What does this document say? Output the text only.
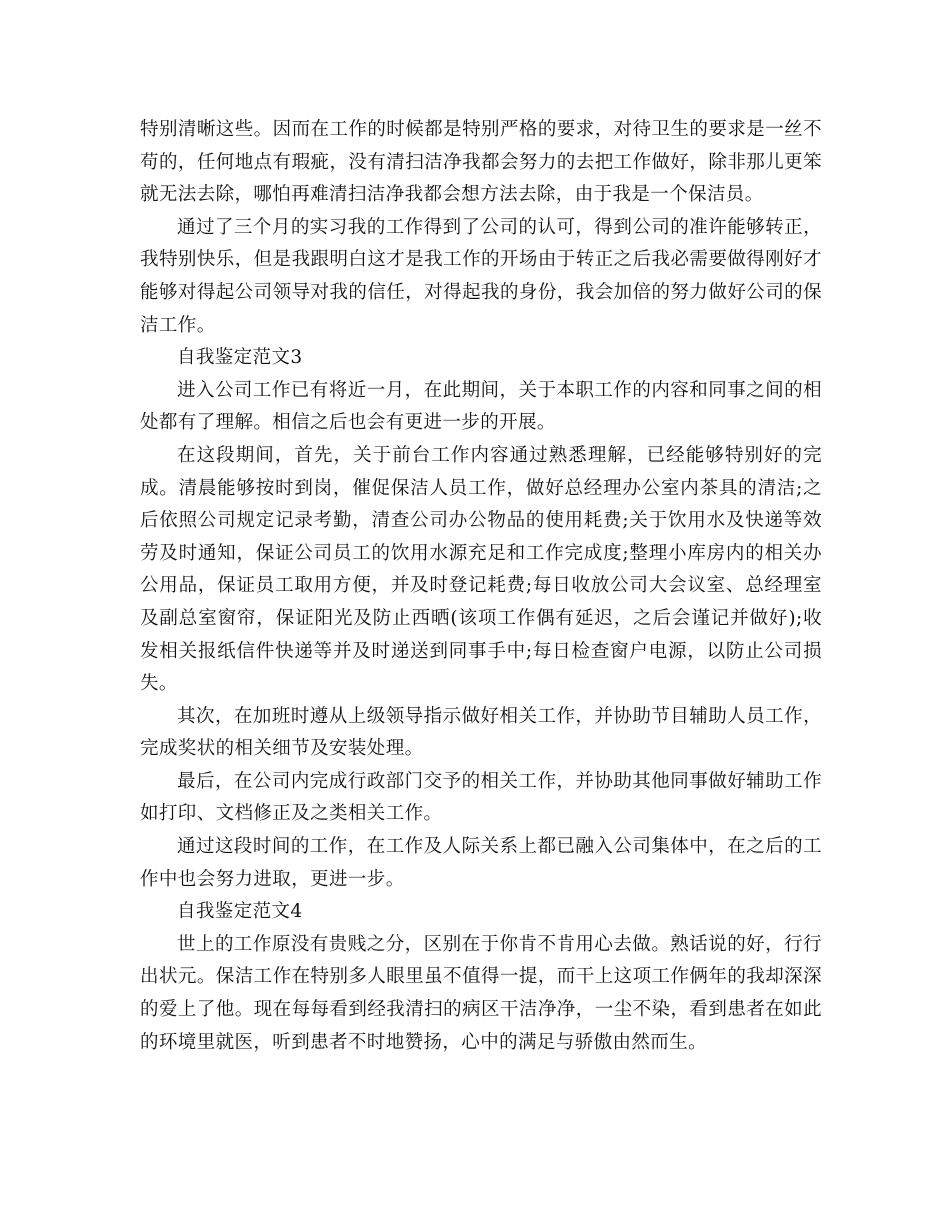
特别清晰这些。因而在工作的时候都是特别严格的要求，对待卫生的要求是一丝不苟的，任何地点有瑕疵，没有清扫洁净我都会努力的去把工作做好，除非那儿更笨就无法去除，哪怕再难清扫洁净我都会想方法去除，由于我是一个保洁员。

通过了三个月的实习我的工作得到了公司的认可，得到公司的准许能够转正，我特别快乐，但是我跟明白这才是我工作的开场由于转正之后我必需要做得刚好才能够对得起公司领导对我的信任，对得起我的身份，我会加倍的努力做好公司的保洁工作。

自我鉴定范文3

进入公司工作已有将近一月，在此期间，关于本职工作的内容和同事之间的相处都有了理解。相信之后也会有更进一步的开展。

在这段期间，首先，关于前台工作内容通过熟悉理解，已经能够特别好的完成。清晨能够按时到岗，催促保洁人员工作，做好总经理办公室内茶具的清洁;之后依照公司规定记录考勤，清查公司办公物品的使用耗费;关于饮用水及快递等效劳及时通知，保证公司员工的饮用水源充足和工作完成度;整理小库房内的相关办公用品，保证员工取用方便，并及时登记耗费;每日收放公司大会议室、总经理室及副总室窗帘，保证阳光及防止西晒(该项工作偶有延迟，之后会谨记并做好);收发相关报纸信件快递等并及时递送到同事手中;每日检查窗户电源，以防止公司损失。

其次，在加班时遵从上级领导指示做好相关工作，并协助节目辅助人员工作，完成奖状的相关细节及安装处理。

最后，在公司内完成行政部门交予的相关工作，并协助其他同事做好辅助工作如打印、文档修正及之类相关工作。

通过这段时间的工作，在工作及人际关系上都已融入公司集体中，在之后的工作中也会努力进取，更进一步。

自我鉴定范文4

世上的工作原没有贵贱之分，区别在于你肯不肯用心去做。熟话说的好，行行出状元。保洁工作在特别多人眼里虽不值得一提，而干上这项工作俩年的我却深深的爱上了他。现在每每看到经我清扫的病区干洁净净，一尘不染，看到患者在如此的环境里就医，听到患者不时地赞扬，心中的满足与骄傲由然而生。
